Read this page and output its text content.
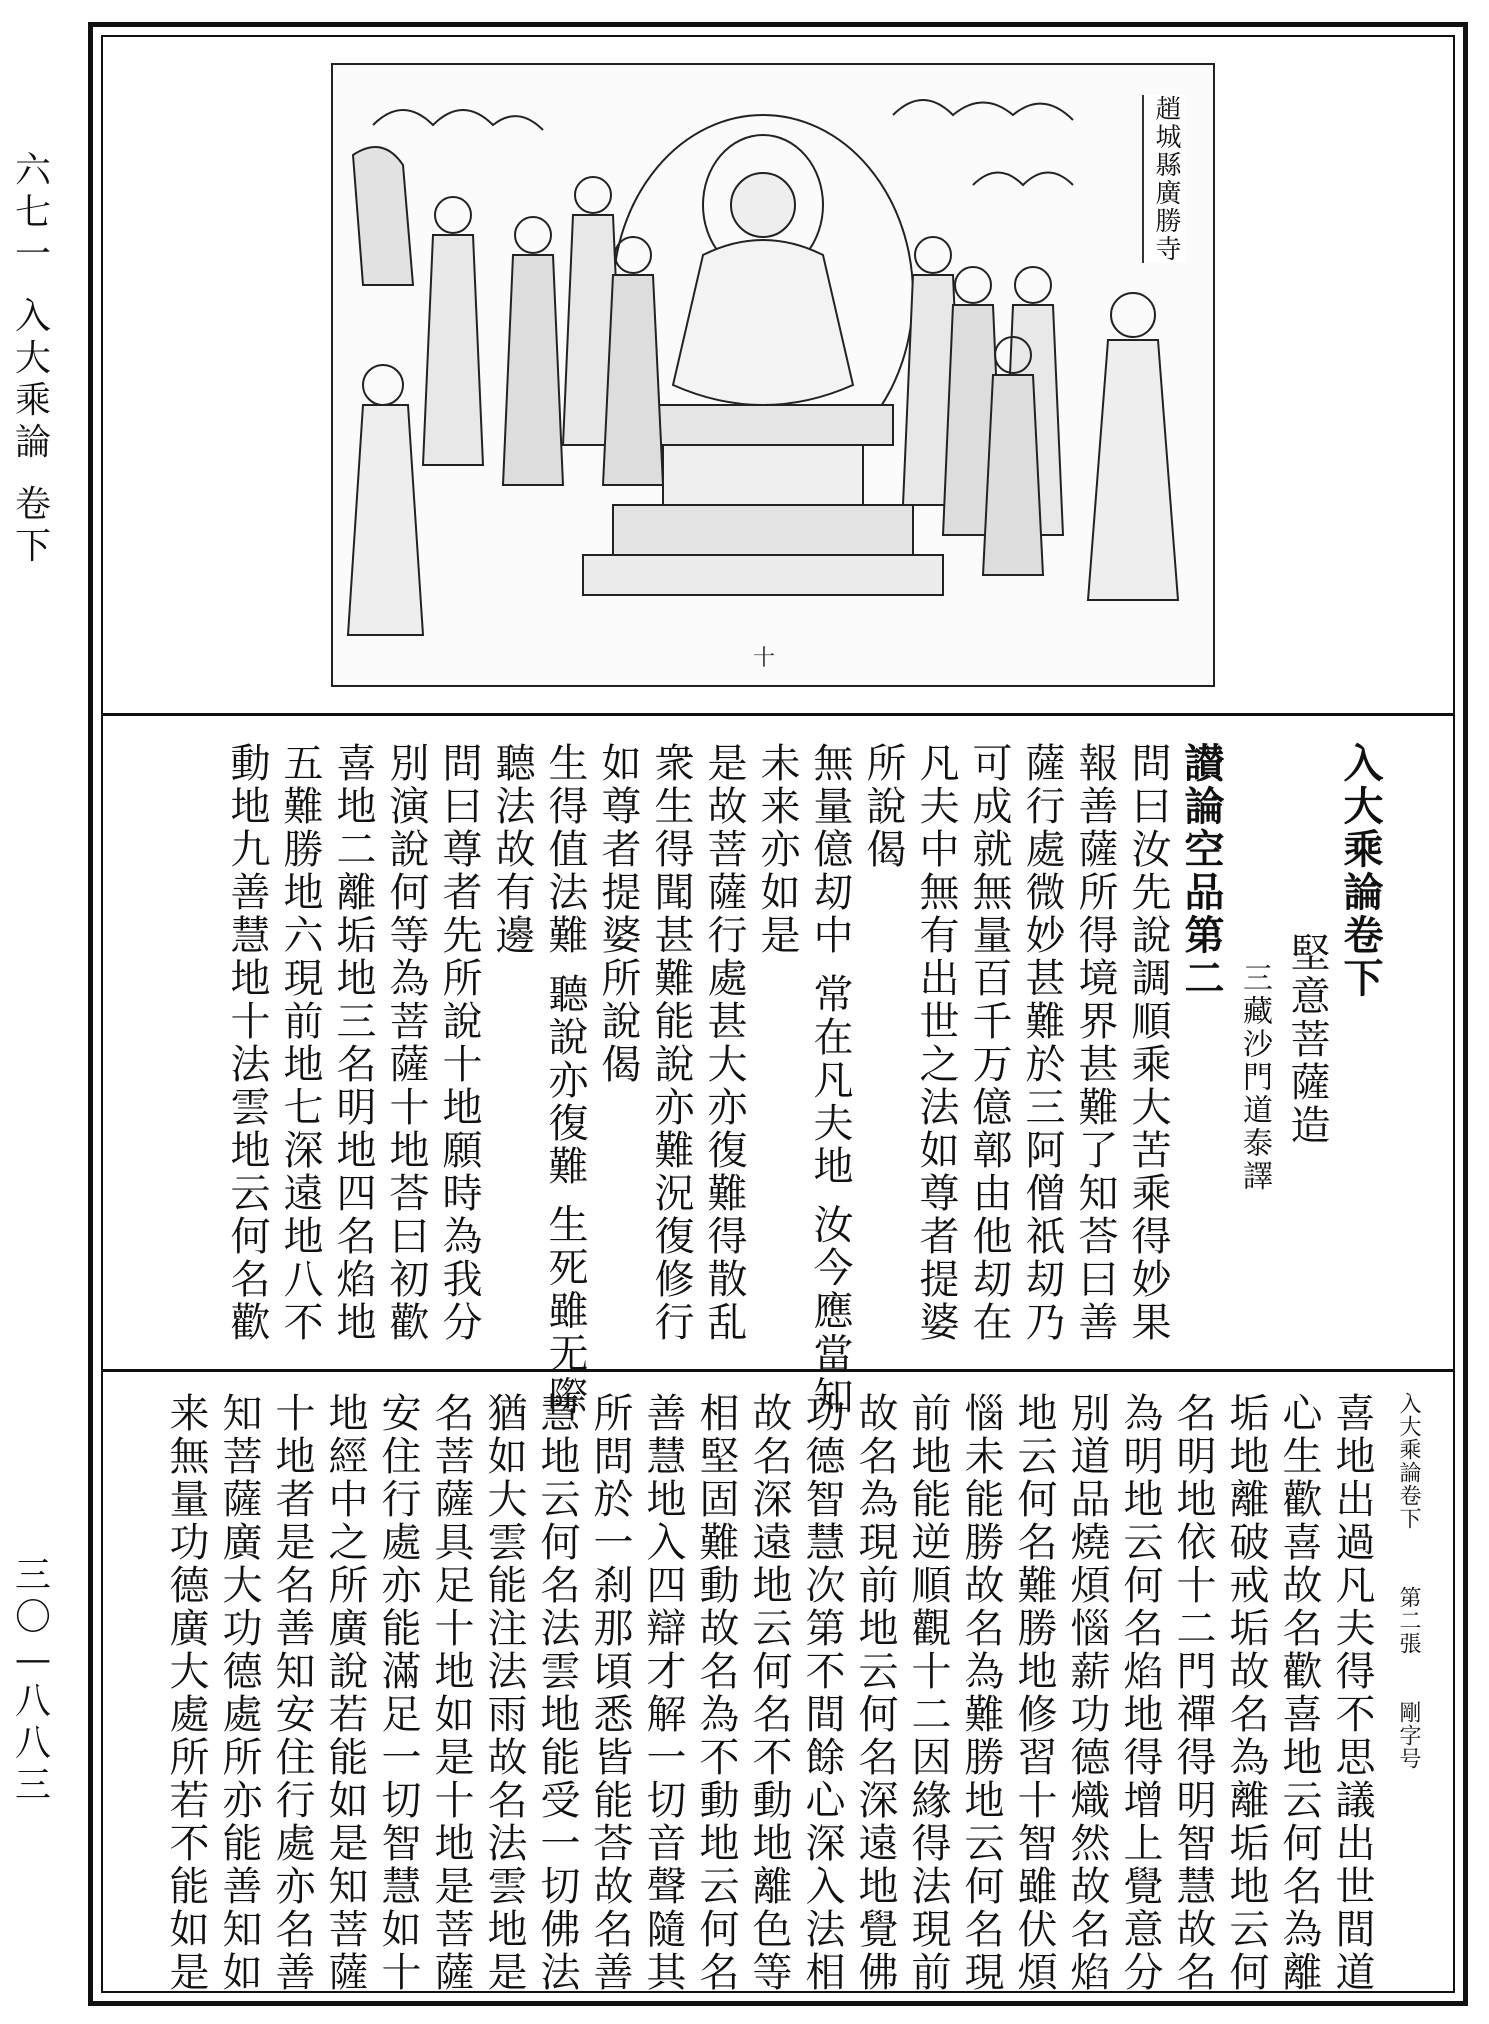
六
七
一
入
大
乘
論
卷
下
三
〇
—
八
八
三
十
趙城縣廣勝寺
入大乘論卷下
堅意菩薩造
三藏沙門道泰譯
讃論空品第二
問曰汝先說調順乘大苦乘得妙果
報善薩所得境界甚難了知荅曰善
薩行處微妙甚難於三阿僧祇刧乃
可成就無量百千万億鄣由他刧在
凡夫中無有出世之法如尊者提婆
所說偈
無量億刧中 常在凡夫地 汝今應當知
未来亦如是
是故菩薩行處甚大亦復難得散乱
衆生得聞甚難能說亦難況復修行
如尊者提婆所說偈
生得值法難 聽說亦復難 生死雖无際
聽法故有邊
問曰尊者先所說十地願時為我分
別演說何等為菩薩十地荅曰初歡
喜地二離垢地三名明地四名焰地
五難勝地六現前地七深遠地八不
動地九善慧地十法雲地云何名歡
入大乘論卷下  第二張  剛字号
喜地出過凡夫得不思議出世間道
心生歡喜故名歡喜地云何名為離
垢地離破戒垢故名為離垢地云何
名明地依十二門禪得明智慧故名
為明地云何名焰地得增上覺意分
別道品燒煩惱薪功德熾然故名焰
地云何名難勝地修習十智雖伏煩
惱未能勝故名為難勝地云何名現
前地能逆順觀十二因緣得法現前
故名為現前地云何名深遠地覺佛
功德智慧次第不間餘心深入法相
故名深遠地云何名不動地離色等
相堅固難動故名為不動地云何名
善慧地入四辯才解一切音聲隨其
所問於一刹那頃悉皆能荅故名善
慧地云何名法雲地能受一切佛法
猶如大雲能注法雨故名法雲地是
名菩薩具足十地如是十地是菩薩
安住行處亦能滿足一切智慧如十
地經中之所廣說若能如是知菩薩
十地者是名善知安住行處亦名善
知菩薩廣大功德處所亦能善知如
来無量功德廣大處所若不能如是
